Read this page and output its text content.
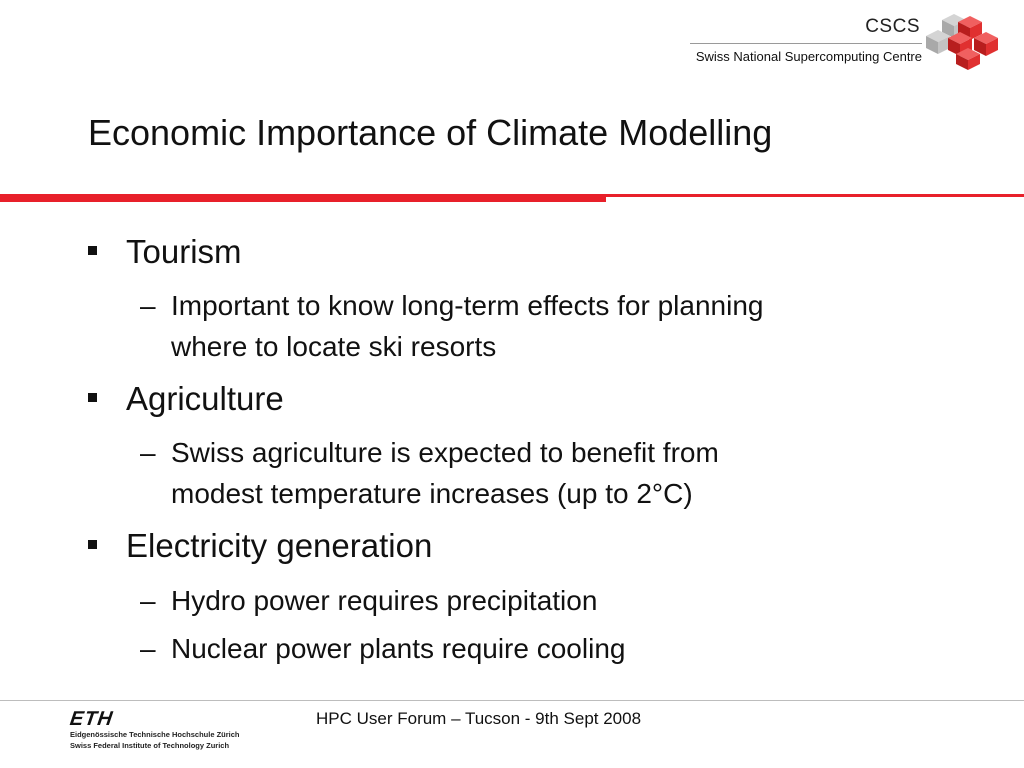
CSCS
Swiss National Supercomputing Centre
Economic Importance of Climate Modelling
Tourism
– Important to know long-term effects for planning
where to locate ski resorts
Agriculture
– Swiss agriculture is expected to benefit from
modest temperature increases (up to 2°C)
Electricity generation
– Hydro power requires precipitation
– Nuclear power plants require cooling
ETH
Eidgenössische Technische Hochschule Zürich
Swiss Federal Institute of Technology Zurich
HPC User Forum – Tucson - 9th Sept 2008
